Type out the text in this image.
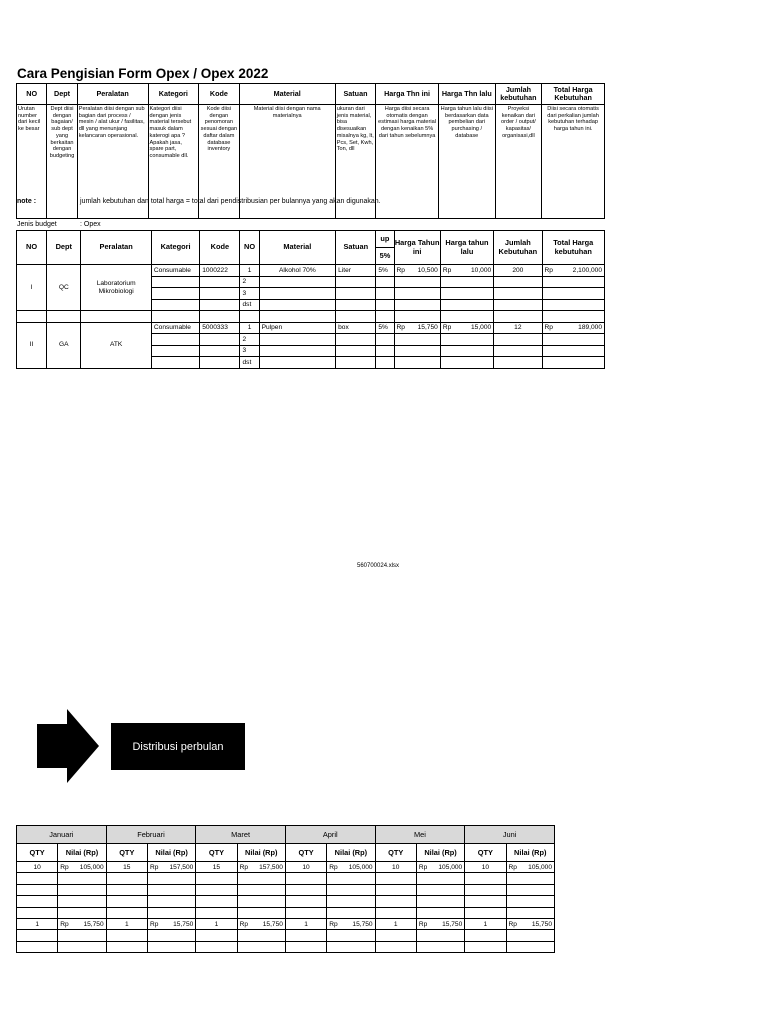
Cara Pengisian Form Opex / Opex 2022
NO	Dept	Peralatan	Kategori	Kode	Material	Satuan	Harga Thn ini	Harga Thn lalu	Jumlah kebutuhan	Total Harga Kebutuhan
Urutan number dari kecil ke besar	Dept diisi dengan bagaian/ sub dept yang berkaitan dengan budgeting	Peralatan diisi dengan sub bagian dari process / mesin / alat ukur / fasilitas, dll yang menunjang kelancaran operasional.	Kategori diisi dengan jenis material tersebut masuk dalam katerogi apa ? Apakah jasa, spare part, consumable dll.	Kode diisi dengan penomoran sesuai dengan daftar dalam database inventory	Material diisi dengan nama materialnya	ukuran dari jenis material, bisa disesuaikan misalnya kg, lt, Pcs, Set, Kwh, Ton, dll	Harga diisi secara otomatis dengan estimasi harga material dengan kenaikan 5% dari tahun sebelumnya	Harga tahun lalu diisi berdasarkan data pembelian dari purchasing / database	Proyeksi kenaikan dari order / output/ kapasitas/ organisasi,dll	Diisi secara otomatis dari perkalian jumlah kebutuhan terhadap harga tahun ini.
note :	jumlah kebutuhan dan total harga = total dari pendistribusian per bulannya yang akan digunakan.
Jenis budget	: Opex
NO	Dept	Peralatan	Kategori	Kode	NO	Material	Satuan	up	Harga Tahun ini	Harga tahun lalu	Jumlah Kebutuhan	Total Harga kebutuhan
								5%				
I	QC	Laboratorium Mikrobiologi	Consumable	1000222	1	Alkohol 70%	Liter	5%	Rp 10,500	Rp 10,000	200	Rp 2,100,000

					2							
					3							
					dst							

II	GA	ATK	Consumable	5000333	1	Pulpen	box	5%	Rp 15,750	Rp 15,000	12	Rp 189,000

					2							
					3							
					dst							
560700024.xlsx
Distribusi perbulan
Januari		Februari		Maret		April		Mei		Juni	
QTY	Nilai (Rp)	QTY	Nilai (Rp)	QTY	Nilai (Rp)	QTY	Nilai (Rp)	QTY	Nilai (Rp)	QTY	Nilai (Rp)
10	Rp 105,000	15	Rp 157,500	15	Rp 157,500	10	Rp 105,000	10	Rp 105,000	10	Rp 105,000

1	Rp 15,750	1	Rp 15,750	1	Rp 15,750	1	Rp 15,750	1	Rp 15,750	1	Rp 15,750
